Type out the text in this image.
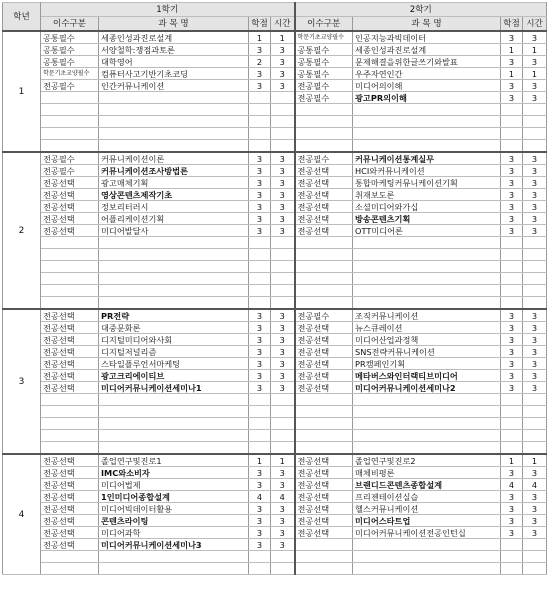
학년	1학기				2학기			
	이수구분	과 목 명	학점	시간	이수구분	과 목 명	학점	시간
1	공통필수	세종인성과진로설계	1	1	학문기초교양필수	인공지능과빅데이터	3	3
	공통필수	서양철학:쟁점과토론	3	3	공통필수	세종인성과진로설계	1	1
	공통필수	대학영어	2	3	공통필수	문제해결을위한글쓰기와발표	3	3
	학문기초교양필수	컴퓨터사고기반기초코딩	3	3	공통필수	우주자연인간	1	1
	전공필수	인간커뮤니케이션	3	3	전공필수	미디어의이해	3	3
					전공필수	광고PR의이해	3	3

2	전공필수	커뮤니케이션이론	3	3	전공필수	커뮤니케이션통계실무	3	3
	전공필수	커뮤니케이션조사방법론	3	3	전공선택	HCI와커뮤니케이션	3	3
	전공선택	광고매체기획	3	3	전공선택	통합마케팅커뮤니케이션기획	3	3
	전공선택	영상콘텐츠제작기초	3	3	전공선택	취재보도론	3	3
	전공선택	정보리터러시	3	3	전공선택	소셜미디어와가십	3	3
	전공선택	어플리케이션기획	3	3	전공선택	방송콘텐츠기획	3	3
	전공선택	미디어발달사	3	3	전공선택	OTT미디어론	3	3

3	전공선택	PR전략	3	3	전공필수	조직커뮤니케이션	3	3
	전공선택	대중문화론	3	3	전공선택	뉴스큐레이션	3	3
	전공선택	디지털미디어와사회	3	3	전공선택	미디어산업과정책	3	3
	전공선택	디지털저널리즘	3	3	전공선택	SNS전략커뮤니케이션	3	3
	전공선택	스타일플루언서마케팅	3	3	전공선택	PR캠페인기획	3	3
	전공선택	광고크리에이티브	3	3	전공선택	메타버스와인터랙티브미디어	3	3
	전공선택	미디어커뮤니케이션세미나1	3	3	전공선택	미디어커뮤니케이션세미나2	3	3

4	전공선택	졸업연구및진로1	1	1	전공선택	졸업연구및진로2	1	1
	전공선택	IMC와소비자	3	3	전공선택	매체비평론	3	3
	전공선택	미디어법제	3	3	전공선택	브랜디드콘텐츠종합설계	4	4
	전공선택	1인미디어종합설계	4	4	전공선택	프리젠테이션실습	3	3
	전공선택	미디어빅데이터활용	3	3	전공선택	헬스커뮤니케이션	3	3
	전공선택	콘텐츠라이팅	3	3	전공선택	미디어스타트업	3	3
	전공선택	미디어과학	3	3	전공선택	미디어커뮤니케이션전공인턴십	3	3
	전공선택	미디어커뮤니케이션세미나3	3	3				
